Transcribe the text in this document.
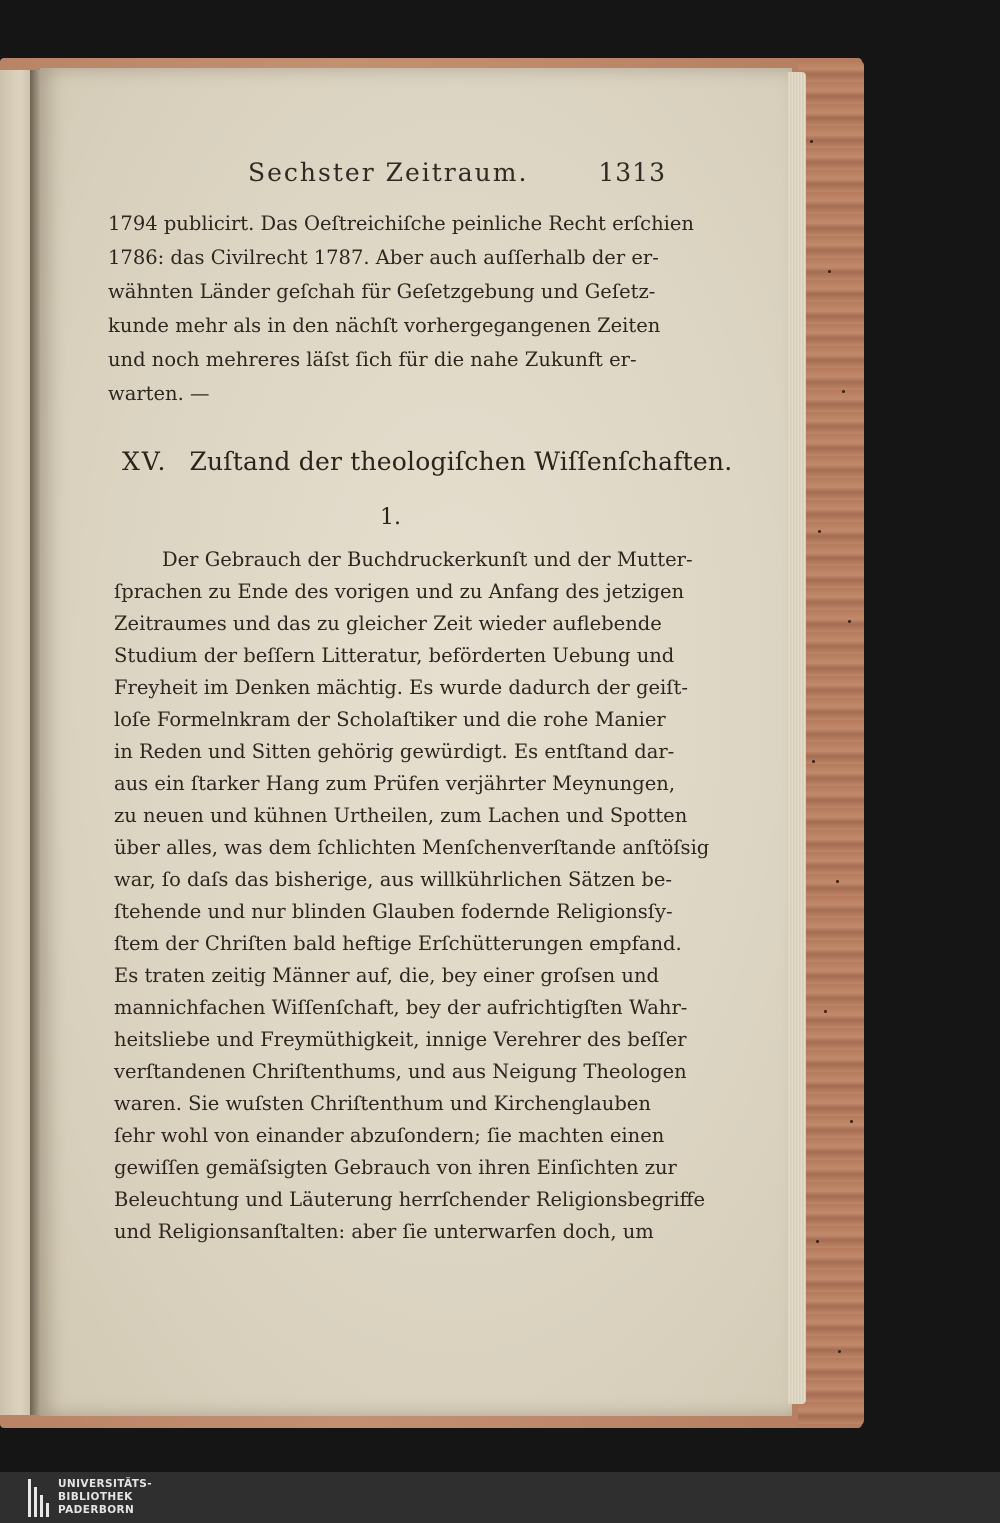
Sechster Zeitraum.	1313
1794 publicirt. Das Oeſtreichiſche peinliche Recht erſchien
1786: das Civilrecht 1787. Aber auch auſſerhalb der er-
wähnten Länder geſchah für Geſetzgebung und Geſetz-
kunde mehr als in den nächſt vorhergegangenen Zeiten
und noch mehreres läſst ſich für die nahe Zukunft er-
warten. —
XV. Zuſtand der theologiſchen Wiſſenſchaften.
1.
Der Gebrauch der Buchdruckerkunſt und der Mutter-
ſprachen zu Ende des vorigen und zu Anfang des jetzigen
Zeitraumes und das zu gleicher Zeit wieder auflebende
Studium der beſſern Litteratur, beförderten Uebung und
Freyheit im Denken mächtig. Es wurde dadurch der geiſt-
loſe Formelnkram der Scholaſtiker und die rohe Manier
in Reden und Sitten gehörig gewürdigt. Es entſtand dar-
aus ein ſtarker Hang zum Prüfen verjährter Meynungen,
zu neuen und kühnen Urtheilen, zum Lachen und Spotten
über alles, was dem ſchlichten Menſchenverſtande anſtöſsig
war, ſo daſs das bisherige, aus willkührlichen Sätzen be-
ſtehende und nur blinden Glauben fodernde Religionsſy-
ſtem der Chriſten bald heftige Erſchütterungen empfand.
Es traten zeitig Männer auf, die, bey einer groſsen und
mannichfachen Wiſſenſchaft, bey der aufrichtigſten Wahr-
heitsliebe und Freymüthigkeit, innige Verehrer des beſſer
verſtandenen Chriſtenthums, und aus Neigung Theologen
waren. Sie wuſsten Chriſtenthum und Kirchenglauben
ſehr wohl von einander abzuſondern; ſie machten einen
gewiſſen gemäſsigten Gebrauch von ihren Einſichten zur
Beleuchtung und Läuterung herrſchender Religionsbegriffe
und Religionsanſtalten: aber ſie unterwarfen doch, um
UNIVERSITÄTS-
BIBLIOTHEK
PADERBORN
